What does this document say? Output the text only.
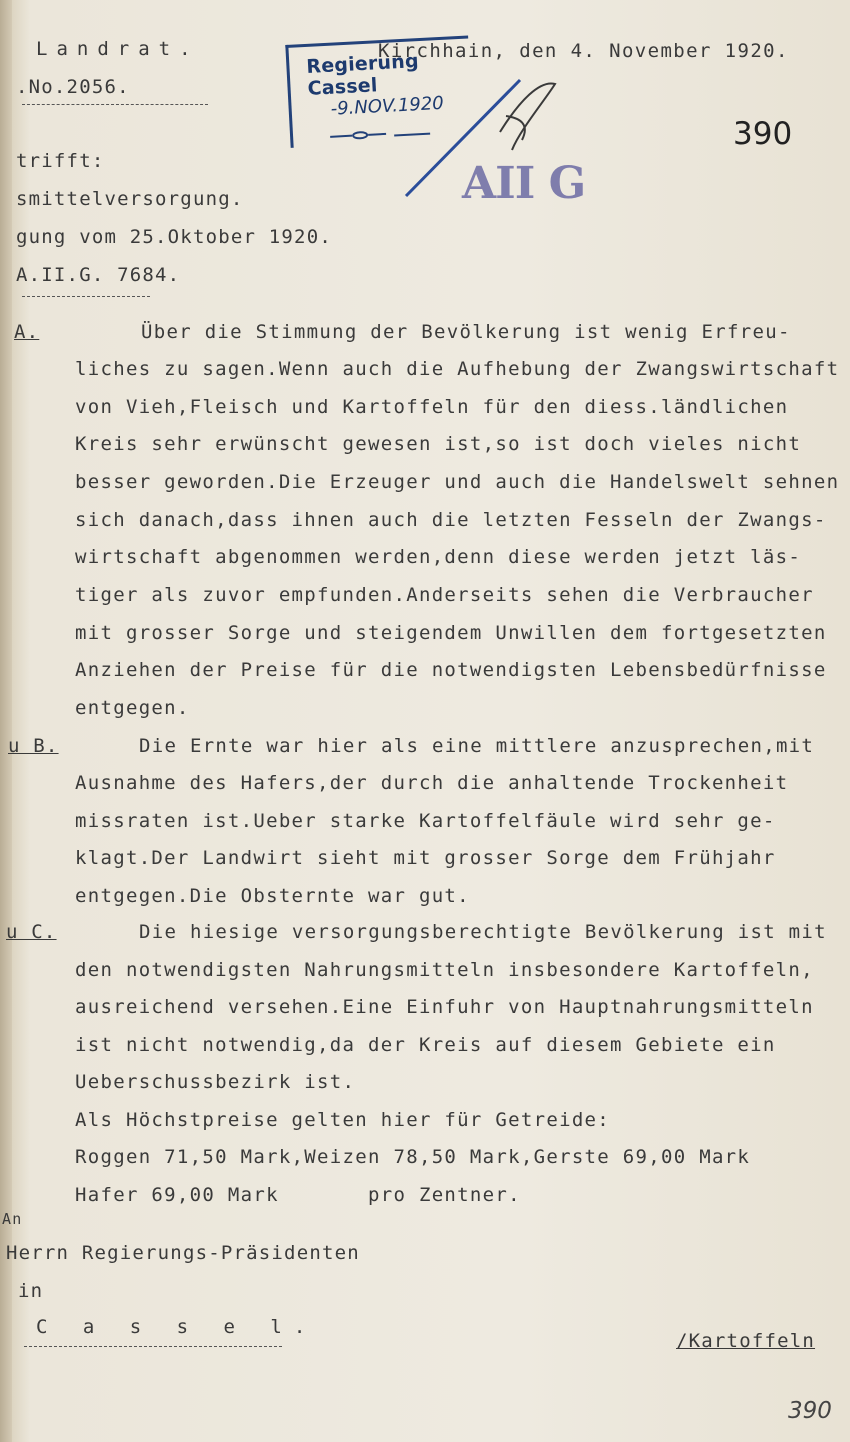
Landrat.
.No.2056.
Kirchhain, den 4. November 1920.
trifft:
smittelversorgung.
gung vom 25.Oktober 1920.
A.II.G. 7684.
Regierung Cassel
-9.NOV.1920
AII G
390
A.	Über die Stimmung der Bevölkerung ist wenig Erfreu-
liches zu sagen.Wenn auch die Aufhebung der Zwangswirtschaft
von Vieh,Fleisch und Kartoffeln für den diess.ländlichen
Kreis sehr erwünscht gewesen ist,so ist doch vieles nicht
besser geworden.Die Erzeuger und auch die Handelswelt sehnen
sich danach,dass ihnen auch die letzten Fesseln der Zwangs-
wirtschaft abgenommen werden,denn diese werden jetzt läs-
tiger als zuvor empfunden.Anderseits sehen die Verbraucher
mit grosser Sorge und steigendem Unwillen dem fortgesetzten
Anziehen der Preise für die notwendigsten Lebensbedürfnisse
entgegen.
u B.	Die Ernte war hier als eine mittlere anzusprechen,mit
Ausnahme des Hafers,der durch die anhaltende Trockenheit
missraten ist.Ueber starke Kartoffelfäule wird sehr ge-
klagt.Der Landwirt sieht mit grosser Sorge dem Frühjahr
entgegen.Die Obsternte war gut.
u C.	Die hiesige versorgungsberechtigte Bevölkerung ist mit
den notwendigsten Nahrungsmitteln insbesondere Kartoffeln,
ausreichend versehen.Eine Einfuhr von Hauptnahrungsmitteln
ist nicht notwendig,da der Kreis auf diesem Gebiete ein
Ueberschussbezirk ist.
Als Höchstpreise gelten hier für Getreide:
Roggen 71,50 Mark,Weizen 78,50 Mark,Gerste 69,00 Mark
Hafer 69,00 Mark       pro Zentner.
An
Herrn Regierungs-Präsidenten
in
C a s s e l.
/Kartoffeln
390
